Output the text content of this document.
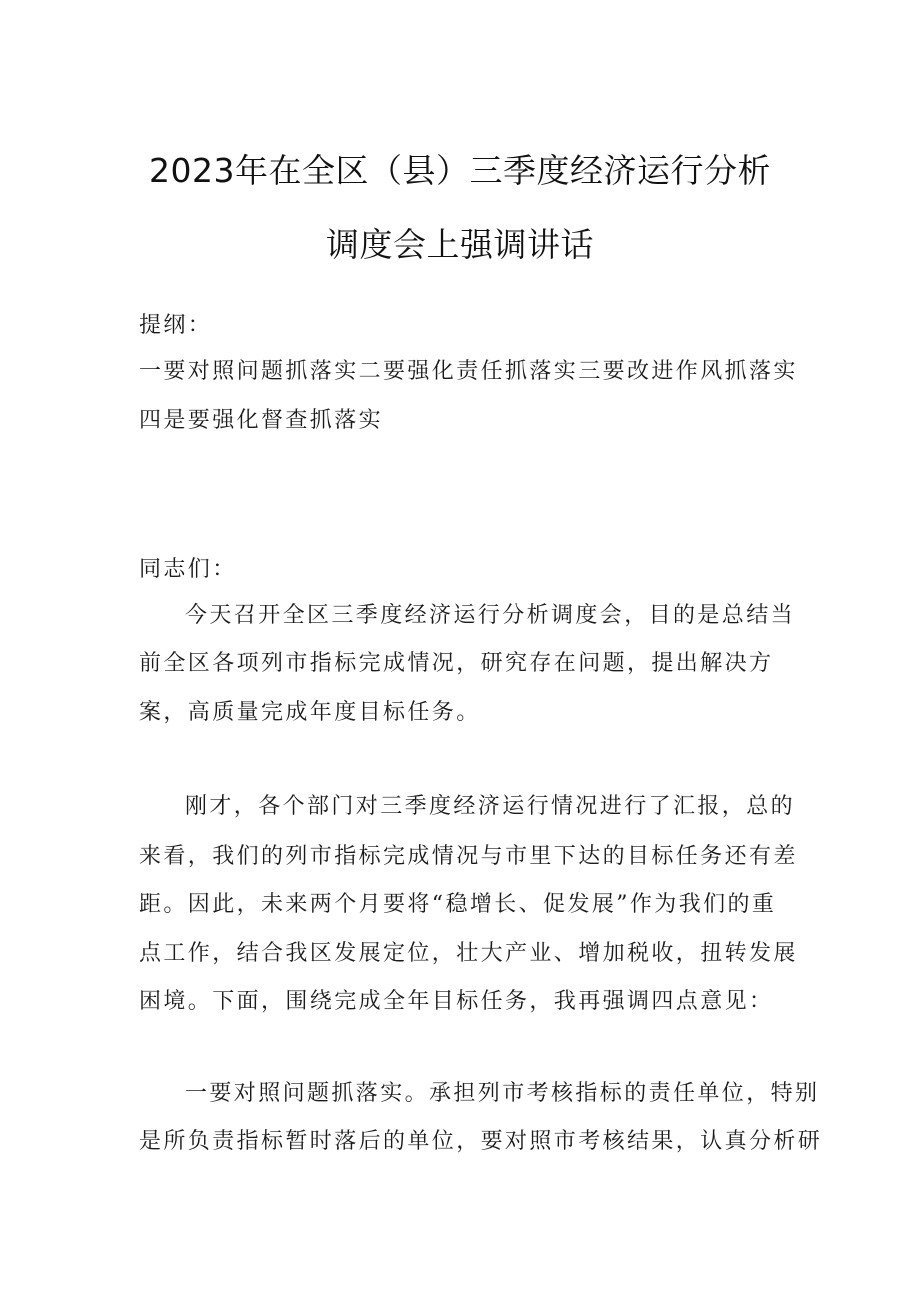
2023年在全区（县）三季度经济运行分析
调度会上强调讲话
提纲：
一要对照问题抓落实二要强化责任抓落实三要改进作风抓落实
四是要强化督查抓落实
同志们：
今天召开全区三季度经济运行分析调度会，目的是总结当
前全区各项列市指标完成情况，研究存在问题，提出解决方
案，高质量完成年度目标任务。
刚才，各个部门对三季度经济运行情况进行了汇报，总的
来看，我们的列市指标完成情况与市里下达的目标任务还有差
距。因此，未来两个月要将“稳增长、促发展”作为我们的重
点工作，结合我区发展定位，壮大产业、增加税收，扭转发展
困境。下面，围绕完成全年目标任务，我再强调四点意见：
一要对照问题抓落实。承担列市考核指标的责任单位，特别
是所负责指标暂时落后的单位，要对照市考核结果，认真分析研
